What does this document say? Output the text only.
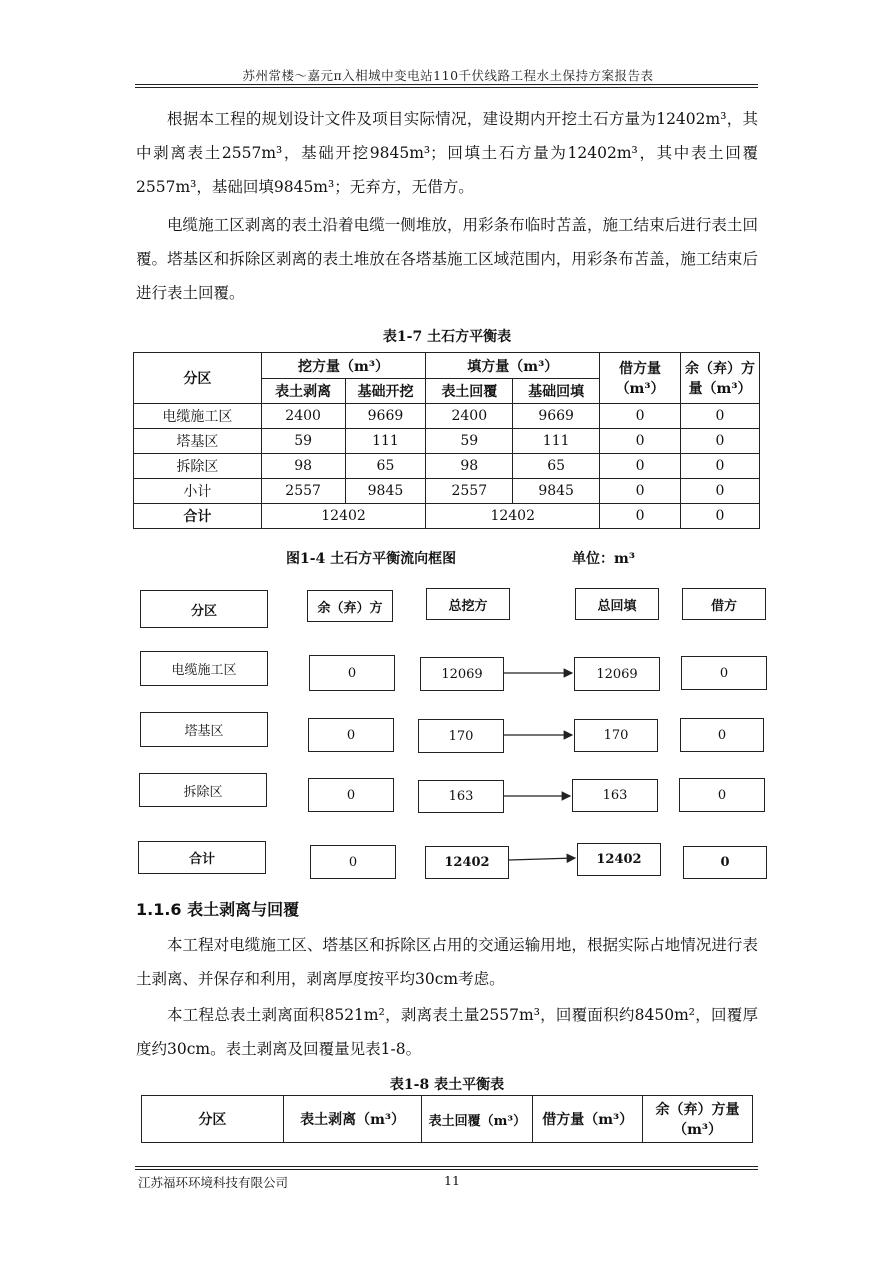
苏州常楼～嘉元π入相城中变电站110千伏线路工程水土保持方案报告表

根据本工程的规划设计文件及项目实际情况，建设期内开挖土石方量为12402m³，其中剥离表土2557m³，基础开挖9845m³；回填土石方量为12402m³，其中表土回覆2557m³，基础回填9845m³；无弃方，无借方。

电缆施工区剥离的表土沿着电缆一侧堆放，用彩条布临时苫盖，施工结束后进行表土回覆。塔基区和拆除区剥离的表土堆放在各塔基施工区域范围内，用彩条布苫盖，施工结束后进行表土回覆。

表1-7 土石方平衡表
分区	挖方量（m³）		填方量（m³）		借方量（m³）	余（弃）方量（m³）
	表土剥离	基础开挖	表土回覆	基础回填		
电缆施工区	2400	9669	2400	9669	0	0
塔基区	59	111	59	111	0	0
拆除区	98	65	98	65	0	0
小计	2557	9845	2557	9845	0	0
合计	12402		12402		0	0
图1-4 土石方平衡流向框图	单位：m³
分区	余（弃）方	总挖方	总回填	借方
电缆施工区	0	12069	12069	0
塔基区	0	170	170	0
拆除区	0	163	163	0
合计	0	12402	12402	0
1.1.6 表土剥离与回覆

本工程对电缆施工区、塔基区和拆除区占用的交通运输用地，根据实际占地情况进行表土剥离、并保存和利用，剥离厚度按平均30cm考虑。

本工程总表土剥离面积8521m²，剥离表土量2557m³，回覆面积约8450m²，回覆厚度约30cm。表土剥离及回覆量见表1-8。

表1-8 表土平衡表
分区	表土剥离（m³）	表土回覆（m³）	借方量（m³）	余（弃）方量（m³）
江苏福环环境科技有限公司	11
